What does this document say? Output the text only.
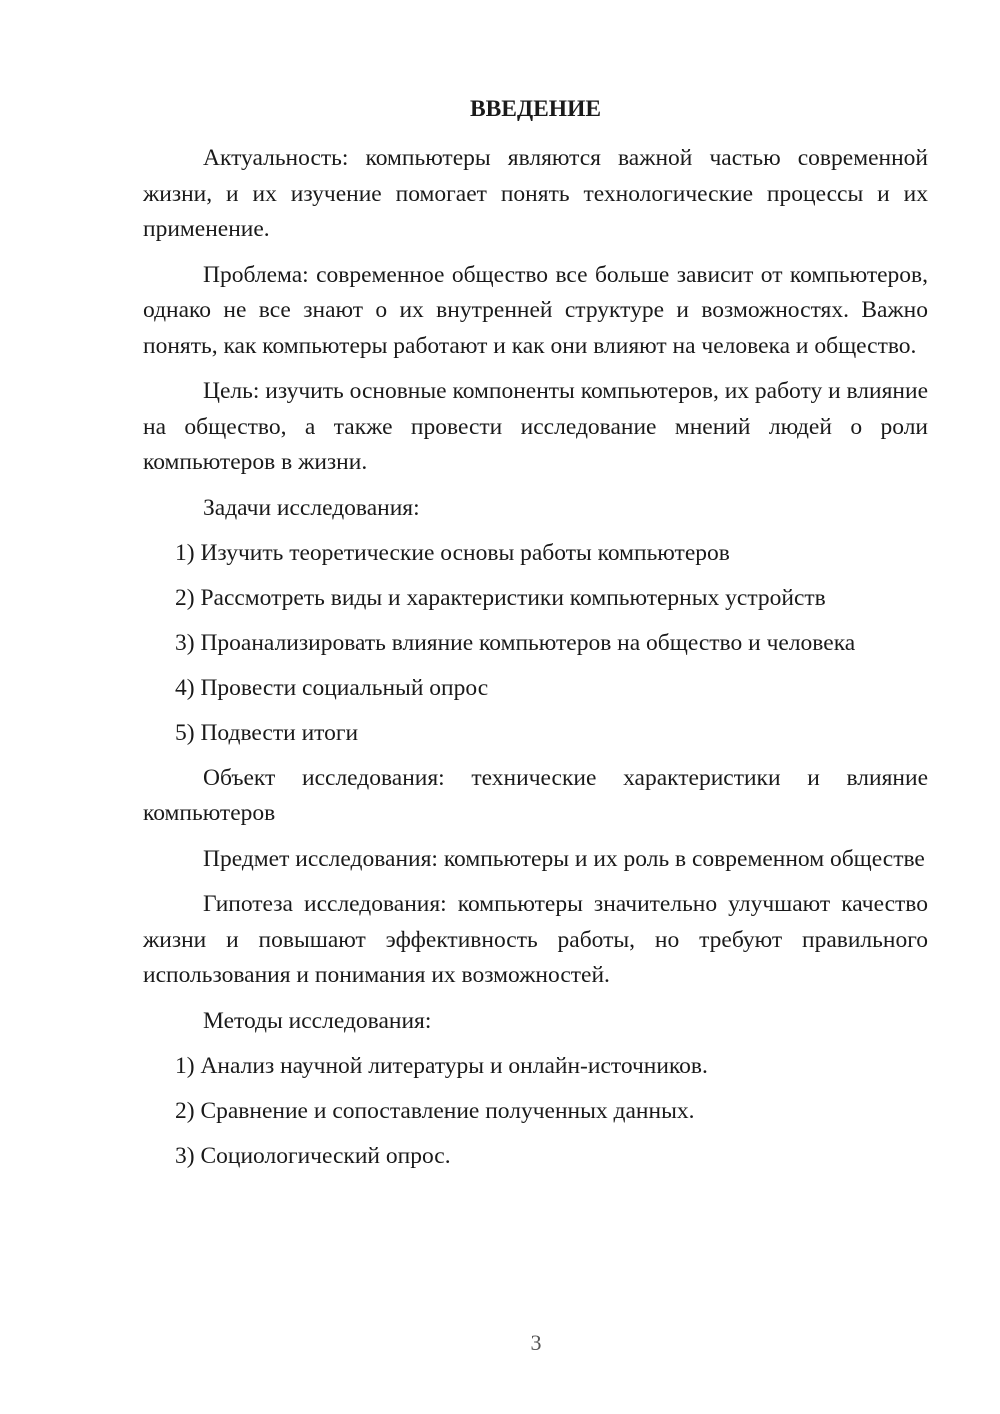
ВВЕДЕНИЕ

Актуальность: компьютеры являются важной частью современной жизни, и их изучение помогает понять технологические процессы и их применение.

Проблема: современное общество все больше зависит от компьютеров, однако не все знают о их внутренней структуре и возможностях. Важно понять, как компьютеры работают и как они влияют на человека и общество.

Цель: изучить основные компоненты компьютеров, их работу и влияние на общество, а также провести исследование мнений людей о роли компьютеров в жизни.

Задачи исследования:

1) Изучить теоретические основы работы компьютеров
2) Рассмотреть виды и характеристики компьютерных устройств
3) Проанализировать влияние компьютеров на общество и человека
4) Провести социальный опрос
5) Подвести итоги

Объект исследования: технические характеристики и влияние компьютеров

Предмет исследования: компьютеры и их роль в современном обществе

Гипотеза исследования: компьютеры значительно улучшают качество жизни и повышают эффективность работы, но требуют правильного использования и понимания их возможностей.

Методы исследования:

1) Анализ научной литературы и онлайн-источников.
2) Сравнение и сопоставление полученных данных.
3) Социологический опрос.
3
